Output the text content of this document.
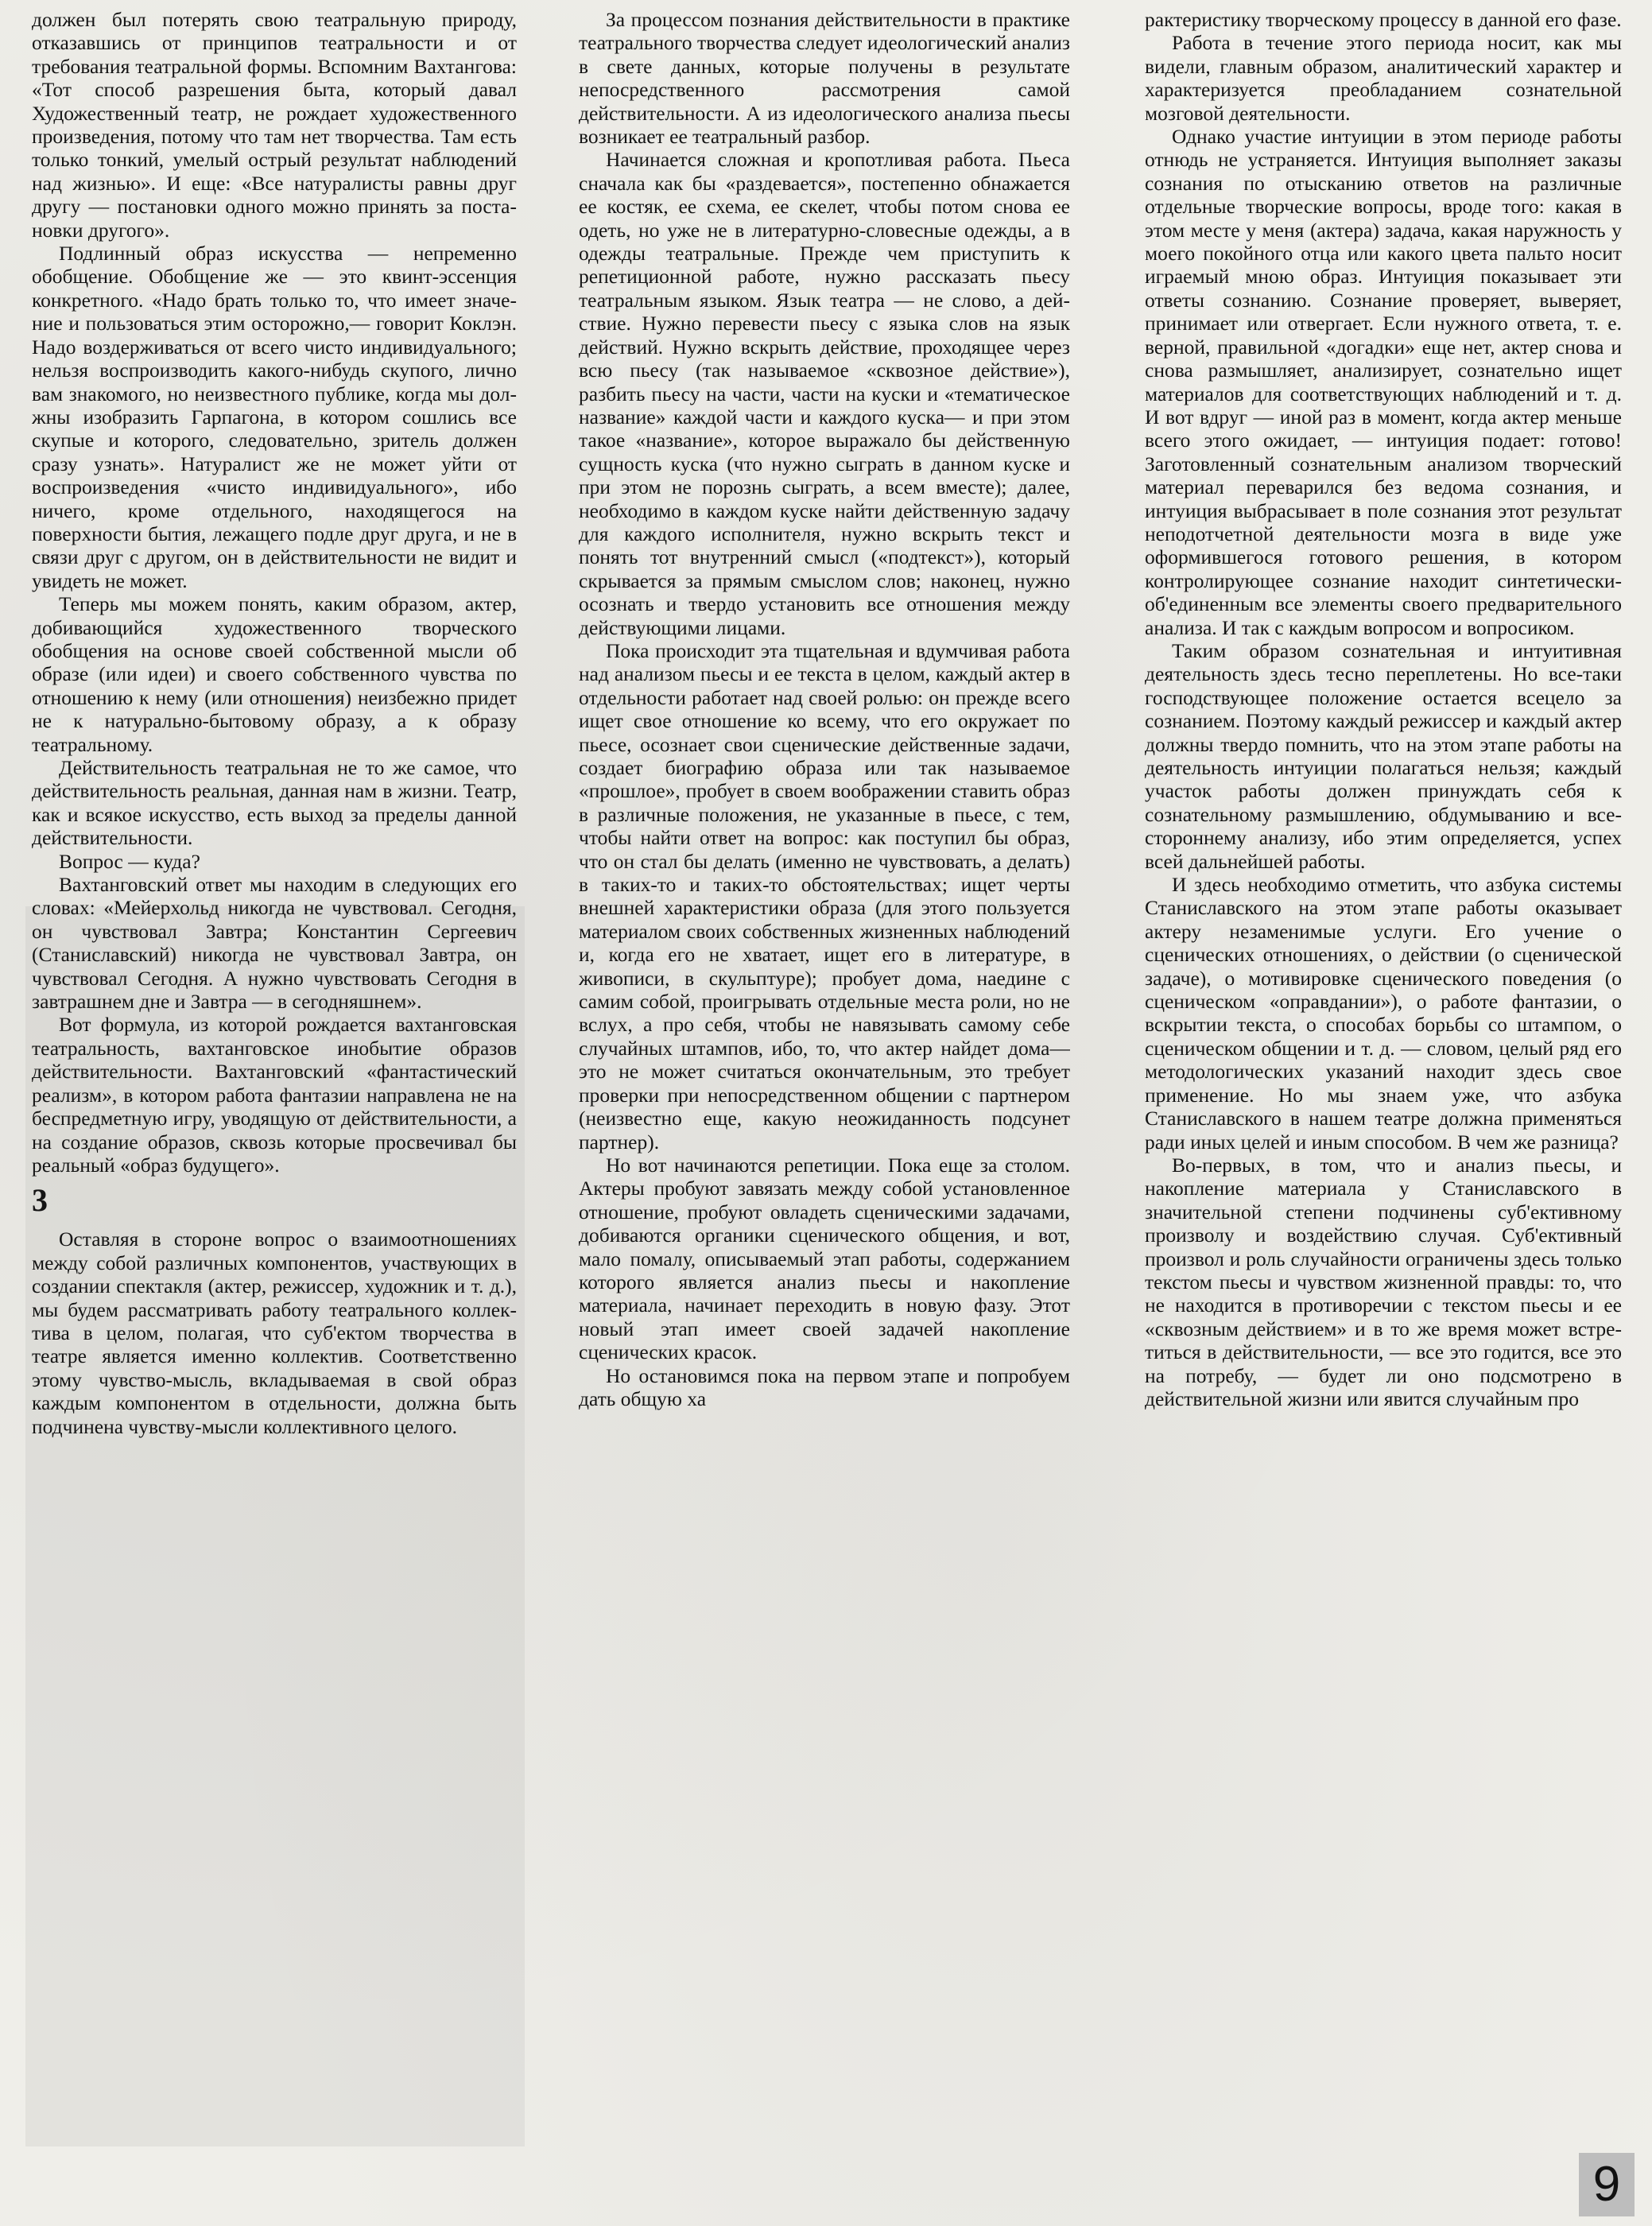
должен был потерять свою театральную природу, отказавшись от принципов театральности и от требования театральной формы. Вспомним Вахтангова: «Тот способ разрешения быта, который давал Художественный театр, не рождает художественного произведения, потому что там нет творчества. Там есть только тонкий, умелый острый результат наблюдений над жизнью». И еще: «Все натуралисты равны друг другу — постановки одного можно принять за постановки другого».

Подлинный образ искусства — непременно обобщение. Обобщение же — это квинт-эссенция конкретного. «Надо брать только то, что имеет значение и пользоваться этим осторожно,— говорит Коклэн. Надо воздерживаться от всего чисто индивидуального; нельзя воспроизводить какого-нибудь скупого, лично вам знакомого, но неизвестного публике, когда мы должны изобразить Гарпагона, в котором сошлись все скупые и которого, следовательно, зритель должен сразу узнать». Натуралист же не может уйти от воспроизведения «чисто индивидуального», ибо ничего, кроме отдельного, находящегося на поверхности бытия, лежащего подле друг друга, и не в связи друг с другом, он в действительности не видит и увидеть не может.

Теперь мы можем понять, каким образом, актер, добивающийся художественного творческого обобщения на основе своей собственной мысли об образе (или идеи) и своего собственного чувства по отношению к нему (или отношения) неизбежно придет не к натурально-бытовому образу, а к образу театральному.

Действительность театральная не то же самое, что действительность реальная, данная нам в жизни. Театр, как и всякое искусство, есть выход за пределы данной действительности.

Вопрос — куда?

Вахтанговский ответ мы находим в следующих его словах: «Мейерхольд никогда не чувствовал. Сегодня, он чувствовал Завтра; Константин Сергеевич (Станиславский) никогда не чувствовал Завтра, он чувствовал Сегодня. А нужно чувствовать Сегодня в завтрашнем дне и Завтра — в сегодняшнем».

Вот формула, из которой рождается вахтанговская театральность, вахтанговское инобытие образов действительности. Вахтанговский «фантастический реализм», в котором работа фантазии направлена не на беспредметную игру, уводящую от действительности, а на создание образов, сквозь которые просвечивал бы реальный «образ будущего».

3

Оставляя в стороне вопрос о взаимоотношениях между собой различных компонентов, участвующих в создании спектакля (актер, режиссер, художник и т. д.), мы будем рассматривать работу театрального коллектива в целом, полагая, что суб'ектом творчества в театре является именно коллектив. Соответственно этому чувство-мысль, вкладываемая в свой образ каждым компонентом в отдельности, должна быть подчинена чувству-мысли коллективного целого.

За процессом познания действительности в практике театрального творчества следует идеологический анализ в свете данных, которые получены в результате непосредственного рассмотрения самой действительности. А из идеологического анализа пьесы возникает ее театральный разбор.

Начинается сложная и кропотливая работа. Пьеса сначала как бы «раздевается», постепенно обнажается ее костяк, ее схема, ее скелет, чтобы потом снова ее одеть, но уже не в литературно-словесные одежды, а в одежды театральные. Прежде чем приступить к репетиционной работе, нужно рассказать пьесу театральным языком. Язык театра — не слово, а действие. Нужно перевести пьесу с языка слов на язык действий. Нужно вскрыть действие, проходящее через всю пьесу (так называемое «сквозное действие»), разбить пьесу на части, части на куски и «тематическое название» каждой части и каждого куска— и при этом такое «название», которое выражало бы действенную сущность куска (что нужно сыграть в данном куске и при этом не порознь сыграть, а всем вместе); далее, необходимо в каждом куске найти действенную задачу для каждого исполнителя, нужно вскрыть текст и понять тот внутренний смысл («подтекст»), который скрывается за прямым смыслом слов; наконец, нужно осознать и твердо установить все отношения между действующими лицами.

Пока происходит эта тщательная и вдумчивая работа над анализом пьесы и ее текста в целом, каждый актер в отдельности работает над своей ролью: он прежде всего ищет свое отношение ко всему, что его окружает по пьесе, осознает свои сценические действенные задачи, создает биографию образа или так называемое «прошлое», пробует в своем воображении ставить образ в различные положения, не указанные в пьесе, с тем, чтобы найти ответ на вопрос: как поступил бы образ, что он стал бы делать (именно не чувствовать, а делать) в таких-то и таких-то обстоятельствах; ищет черты внешней характеристики образа (для этого пользуется материалом своих собственных жизненных наблюдений и, когда его не хватает, ищет его в литературе, в живописи, в скульптуре); пробует дома, наедине с самим собой, проигрывать отдельные места роли, но не вслух, а про себя, чтобы не навязывать самому себе случайных штампов, ибо, то, что актер найдет дома— это не может считаться окончательным, это требует проверки при непосредственном общении с партнером (неизвестно еще, какую неожиданность подсунет партнер).

Но вот начинаются репетиции. Пока еще за столом. Актеры пробуют завязать между собой установленное отношение, пробуют овладеть сценическими задачами, добиваются органики сценического общения, и вот, мало помалу, описываемый этап работы, содержанием которого является анализ пьесы и накопление материала, начинает переходить в новую фазу. Этот новый этап имеет своей задачей накопление сценических красок.

Но остановимся пока на первом этапе и попробуем дать общую ха

рактеристику творческому процессу в данной его фазе.

Работа в течение этого периода носит, как мы видели, главным образом, аналитический характер и характеризуется преобладанием сознательной мозговой деятельности.

Однако участие интуиции в этом периоде работы отнюдь не устраняется. Интуиция выполняет заказы сознания по отысканию ответов на различные отдельные творческие вопросы, вроде того: какая в этом месте у меня (актера) задача, какая наружность у моего покойного отца или какого цвета пальто носит играемый мною образ. Интуиция показывает эти ответы сознанию. Сознание проверяет, выверяет, принимает или отвергает. Если нужного ответа, т. е. верной, правильной «догадки» еще нет, актер снова и снова размышляет, анализирует, сознательно ищет материалов для соответствующих наблюдений и т. д. И вот вдруг — иной раз в момент, когда актер меньше всего этого ожидает, — интуиция подает: готово! Заготовленный сознательным анализом творческий материал переварился без ведома сознания, и интуиция выбрасывает в поле сознания этот результат неподотчетной деятельности мозга в виде уже оформившегося готового решения, в котором контролирующее сознание находит синтетически-об'единенным все элементы своего предварительного анализа. И так с каждым вопросом и вопросиком.

Таким образом сознательная и интуитивная деятельность здесь тесно переплетены. Но все-таки господствующее положение остается всецело за сознанием. Поэтому каждый режиссер и каждый актер должны твердо помнить, что на этом этапе работы на деятельность интуиции полагаться нельзя; каждый участок работы должен принуждать себя к сознательному размышлению, обдумыванию и всестороннему анализу, ибо этим определяется, успех всей дальнейшей работы.

И здесь необходимо отметить, что азбука системы Станиславского на этом этапе работы оказывает актеру незаменимые услуги. Его учение о сценических отношениях, о действии (о сценической задаче), о мотивировке сценического поведения (о сценическом «оправдании»), о работе фантазии, о вскрытии текста, о способах борьбы со штампом, о сценическом общении и т. д. — словом, целый ряд его методологических указаний находит здесь свое применение. Но мы знаем уже, что азбука Станиславского в нашем театре должна применяться ради иных целей и иным способом. В чем же разница?

Во-первых, в том, что и анализ пьесы, и накопление материала у Станиславского в значительной степени подчинены суб'ективному произволу и воздействию случая. Суб'ективный произвол и роль случайности ограничены здесь только текстом пьесы и чувством жизненной правды: то, что не находится в противоречии с текстом пьесы и ее «сквозным действием» и в то же время может встретиться в действительности, — все это годится, все это на потребу, — будет ли оно подсмотрено в действительной жизни или явится случайным про

9
